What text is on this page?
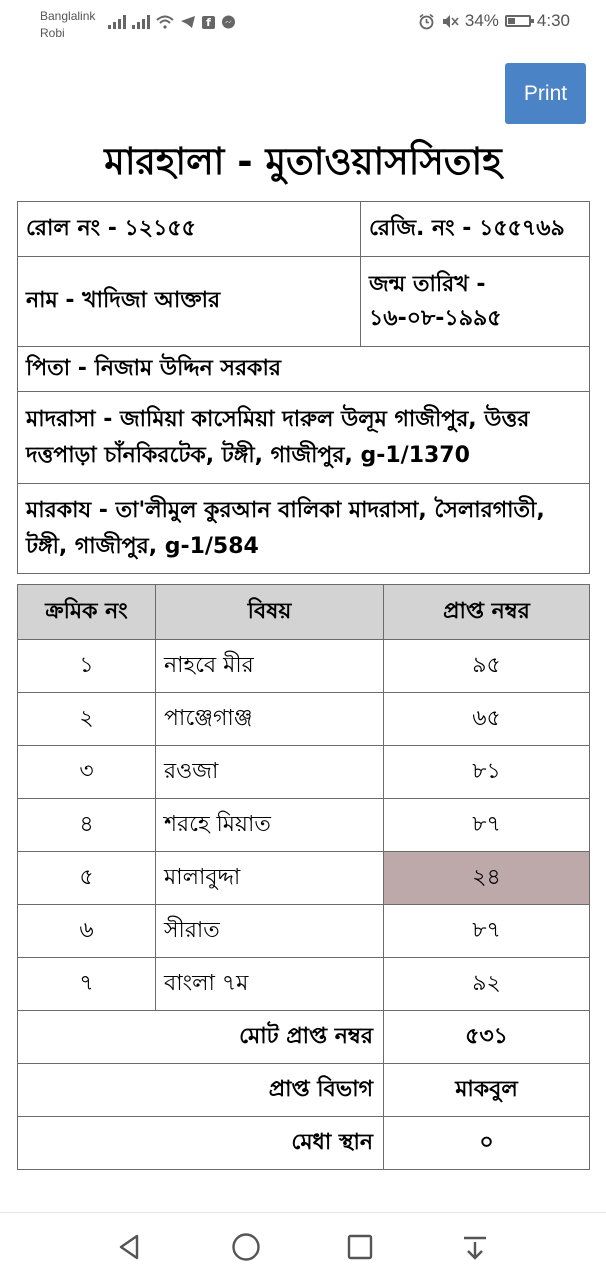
Banglalink
Robi
f	34% 4:30
Print
মারহালা - মুতাওয়াসসিতাহ
রোল নং - ১২১৫৫	রেজি. নং - ১৫৫৭৬৯
নাম - খাদিজা আক্তার	জন্ম তারিখ - ১৬-০৮-১৯৯৫
পিতা - নিজাম উদ্দিন সরকার	
মাদরাসা - জামিয়া কাসেমিয়া দারুল উলূম গাজীপুর, উত্তর দত্তপাড়া চাঁনকিরটেক, টঙ্গী, গাজীপুর, g-1/1370	
মারকায - তা'লীমুল কুরআন বালিকা মাদরাসা, সৈলারগাতী, টঙ্গী, গাজীপুর, g-1/584	
ক্রমিক নং	বিষয়	প্রাপ্ত নম্বর
১	নাহবে মীর	৯৫
২	পাঞ্জেগাঞ্জ	৬৫
৩	রওজা	৮১
৪	শরহে মিয়াত	৮৭
৫	মালাবুদ্দা	২৪
৬	সীরাত	৮৭
৭	বাংলা ৭ম	৯২
মোট প্রাপ্ত নম্বর		৫৩১
প্রাপ্ত বিভাগ		মাকবুল
মেধা স্থান		০
